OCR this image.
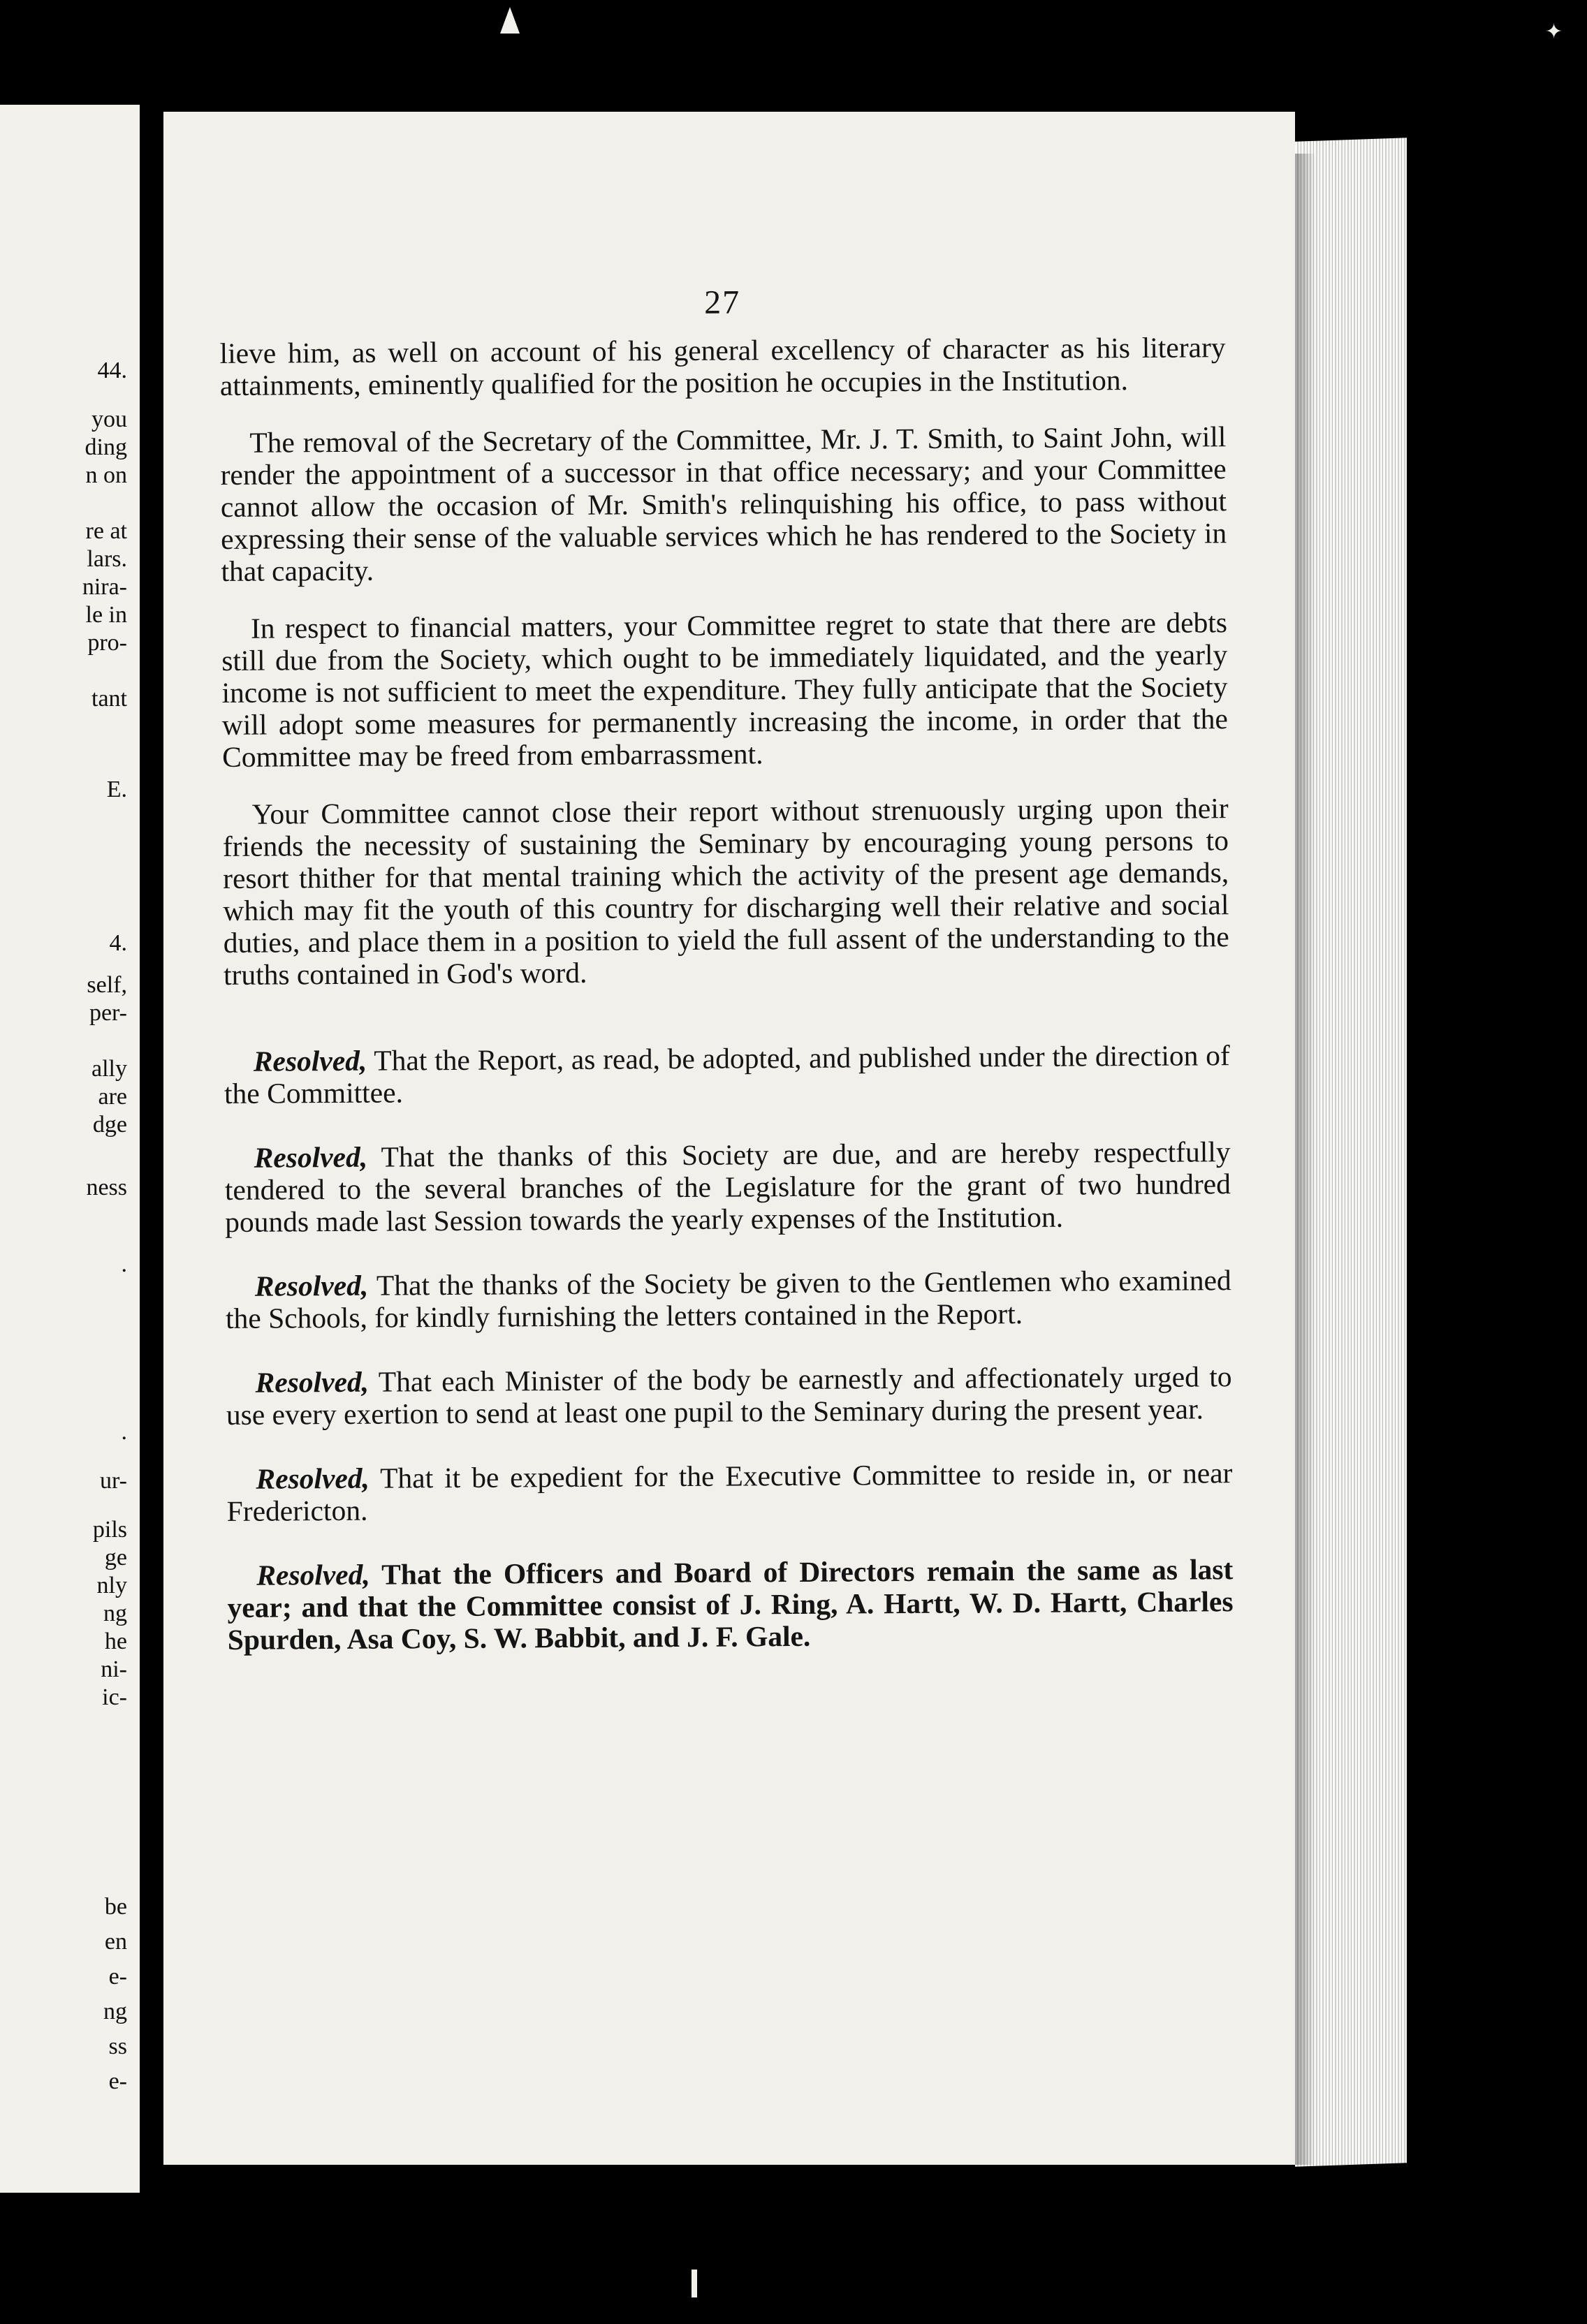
✦
44.
you
ding
n on
re at
lars.
nira-
le in
pro-
tant
E.
4.
self,
per-
ally
are
dge
ness
.
.
ur-
pils
ge
nly
ng
he
ni-
ic-
be
en
e-
ng
ss
e-
27

lieve him, as well on account of his general excellency of character as his literary attainments, eminently qualified for the position he occupies in the Institution.

The removal of the Secretary of the Committee, Mr. J. T. Smith, to Saint John, will render the appointment of a successor in that office necessary; and your Committee cannot allow the occasion of Mr. Smith's relinquishing his office, to pass without expressing their sense of the valuable services which he has rendered to the Society in that capacity.

In respect to financial matters, your Committee regret to state that there are debts still due from the Society, which ought to be immediately liquidated, and the yearly income is not sufficient to meet the expenditure. They fully anticipate that the Society will adopt some measures for permanently increasing the income, in order that the Committee may be freed from embarrassment.

Your Committee cannot close their report without strenuously urging upon their friends the necessity of sustaining the Seminary by encouraging young persons to resort thither for that mental training which the activity of the present age demands, which may fit the youth of this country for discharging well their relative and social duties, and place them in a position to yield the full assent of the understanding to the truths contained in God's word.

Resolved, That the Report, as read, be adopted, and published under the direction of the Committee.

Resolved, That the thanks of this Society are due, and are hereby respectfully tendered to the several branches of the Legislature for the grant of two hundred pounds made last Session towards the yearly expenses of the Institution.

Resolved, That the thanks of the Society be given to the Gentlemen who examined the Schools, for kindly furnishing the letters contained in the Report.

Resolved, That each Minister of the body be earnestly and affectionately urged to use every exertion to send at least one pupil to the Seminary during the present year.

Resolved, That it be expedient for the Executive Committee to reside in, or near Fredericton.

Resolved, That the Officers and Board of Directors remain the same as last year; and that the Committee consist of J. Ring, A. Hartt, W. D. Hartt, Charles Spurden, Asa Coy, S. W. Babbit, and J. F. Gale.
